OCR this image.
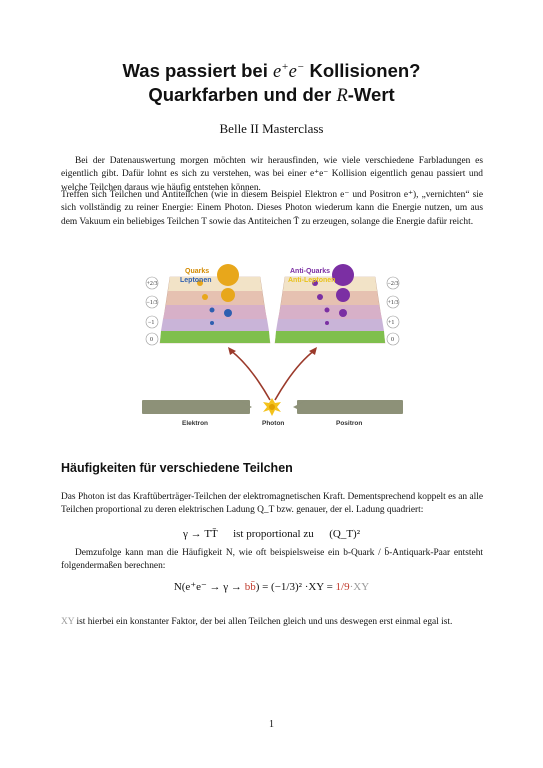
Was passiert bei e+e− Kollisionen?
Quarkfarben und der R-Wert
Belle II Masterclass
Bei der Datenauswertung morgen möchten wir herausfinden, wie viele verschiedene Farbladungen es eigentlich gibt. Dafür lohnt es sich zu verstehen, was bei einer e⁺e⁻ Kollision eigentlich genau passiert und welche Teilchen daraus wie häufig entstehen können.
Treffen sich Teilchen und Antiteilchen (wie in diesem Beispiel Elektron e⁻ und Positron e⁺), „vernichten“ sie sich vollständig zu reiner Energie: Einem Photon. Dieses Photon wiederum kann die Energie nutzen, um aus dem Vakuum ein beliebiges Teilchen T sowie das Antiteichen T̄ zu erzeugen, solange die Energie dafür reicht.
Quarks
Leptonen
+2/3
−1/3
−1
0
Anti-Quarks
Anti-Leptonen	−2/3
+1/3
+1
0
Elektron	Positron
Photon
Häufigkeiten für verschiedene Teilchen
Das Photon ist das Kraftüberträger-Teilchen der elektromagnetischen Kraft. Dementsprechend koppelt es an alle Teilchen proportional zu deren elektrischen Ladung Q_T bzw. genauer, der el. Ladung quadriert:
γ → TT̄ ist proportional zu (Q_T)²
Demzufolge kann man die Häufigkeit N, wie oft beispielsweise ein b-Quark / b̄-Antiquark-Paar entsteht folgendermaßen berechnen:
N(e⁺e⁻ → γ → bb̄) = (−1/3)² ·XY = 1/9·XY
XY ist hierbei ein konstanter Faktor, der bei allen Teilchen gleich und uns deswegen erst einmal egal ist.
1
